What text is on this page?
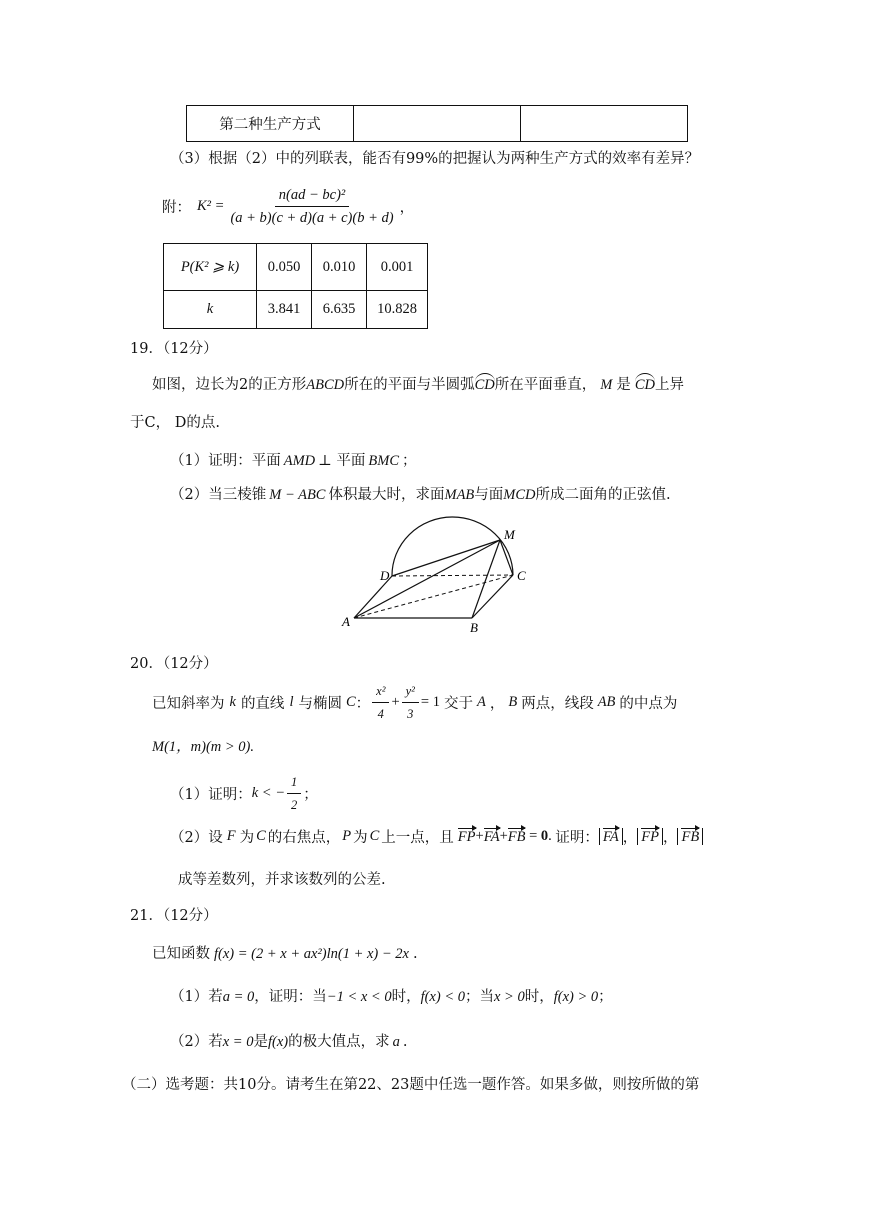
第二种生产方式		
（3）根据（2）中的列联表，能否有99%的把握认为两种生产方式的效率有差异？
附： $K^2 = \frac{\text{n(ad − bc)²}}{(a + b)(c + d)(a + c)(b + d)}$ ，
P(K² ⩾ k)	0.050	0.010	0.001
k	3.841	6.635	10.828
19．（12分）
如图，边长为2的正方形ABCD所在的平面与半圆弧CD所在平面垂直， M 是 CD上异
于C， D的点.
（1）证明：平面 AMD ⊥ 平面 BMC ；
（2）当三棱锥 M − ABC 体积最大时，求面MAB与面MCD所成二面角的正弦值.
M
D	C
A	B
20．（12分）
已知斜率为 k 的直线 l 与椭圆 C ： $\frac{\text{x²}}{4} + \frac{\text{y²}}{3} = 1$ 交于 A ， B 两点，线段 AB 的中点为
M(1，m)(m > 0).
（1）证明： k < − $\frac{1}{2}$ ；
（2）设 F 为 C 的右焦点， P 为 C 上一点，且 FP + FA + FB = 0 . 证明： FA ， FP ， FB
成等差数列，并求该数列的公差.
21．（12分）
已知函数 f(x) = (2 + x + ax²)ln(1 + x) − 2x .
（1）若a = 0，证明：当−1 < x < 0时，f(x) < 0；当x > 0时，f(x) > 0；
（2）若x = 0是f(x)的极大值点，求 a .
（二）选考题：共10分。请考生在第22、23题中任选一题作答。如果多做，则按所做的第
